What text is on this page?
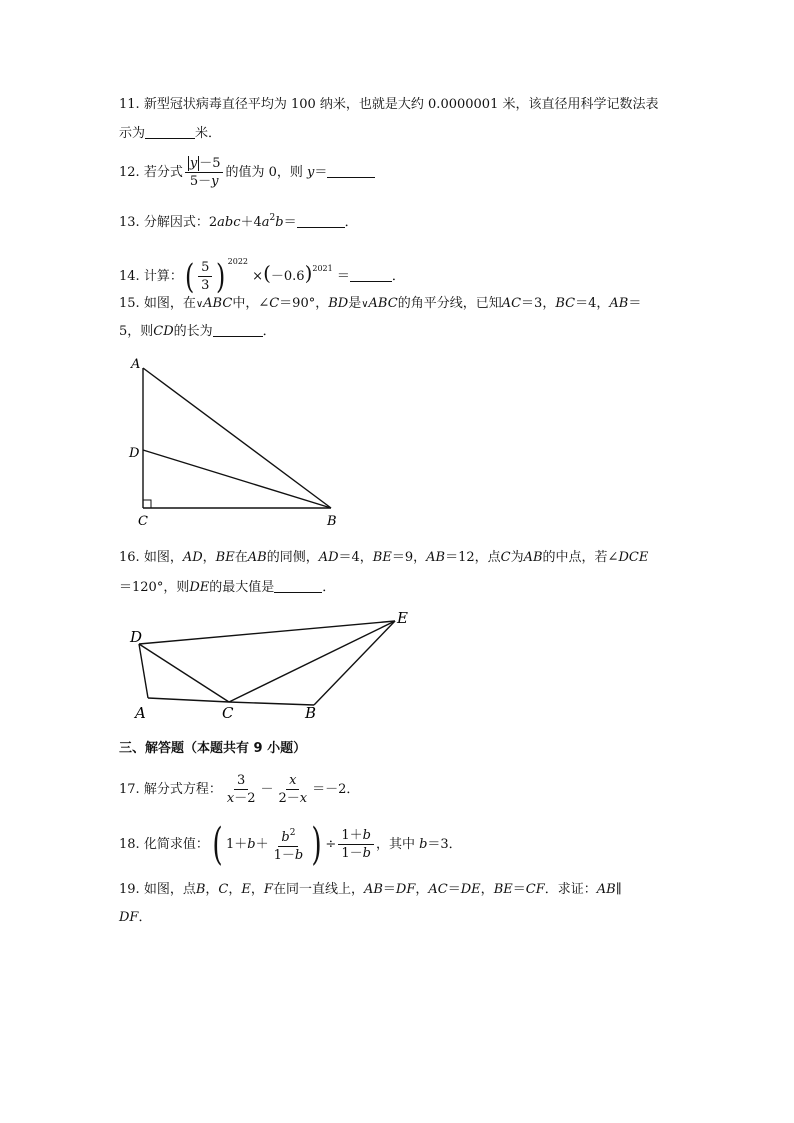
11. 新型冠状病毒直径平均为 100 纳米，也就是大约 0.0000001 米，该直径用科学记数法表
示为	米．
12. 若分式 $\frac{y -5}{5-y}$ 的值为 0，则 y＝
13. 分解因式：$2abc+4a^2b=$	．
14. 计算：( $\frac{5}{3}$ ) $^{2022} \times(-0.6)^{2021}$ ＝	．
15. 如图，在∨ABC中，∠C＝90°，BD是∨ABC的角平分线，已知AC＝3，BC＝4，AB＝
5，则CD的长为	．
A
D
C	B
16. 如图，AD，BE在AB的同侧，AD＝4，BE＝9，AB＝12，点C为AB的中点，若∠DCE
＝120°，则DE的最大值是	．
D
E
A	C	B
三、解答题（本题共有 9 小题）
17. 解分式方程： $\frac{3}{x-2} - \frac{x}{2-x} =-2$．
18. 化简求值：( $1+b+ \frac{b^2}{1-b}$ ) ÷ $\frac{1+b}{1-b}$ ，其中 b＝3．
19. 如图，点B，C，E，F在同一直线上，AB＝DF，AC＝DE，BE＝CF．求证：AB∥
DF．
